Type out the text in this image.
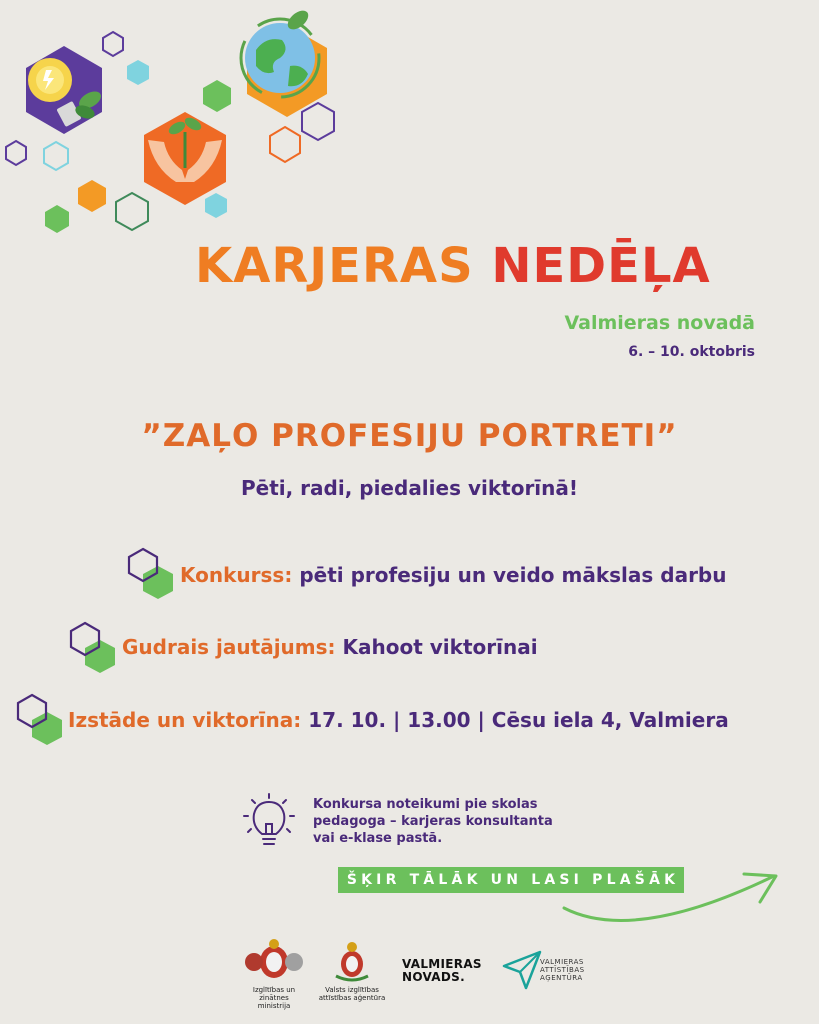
KARJERAS NEDĒĻA
Valmieras novadā
6. – 10. oktobris
”ZAĻO PROFESIJU PORTRETI”
Pēti, radi, piedalies viktorīnā!
Konkurss: pēti profesiju un veido mākslas darbu
Gudrais jautājums: Kahoot viktorīnai
Izstāde un viktorīna: 17. 10. | 13.00 | Cēsu iela 4, Valmiera
Konkursa noteikumi pie skolas
pedagoga – karjeras konsultanta
vai e-klase pastā.
ŠĶIR TĀLĀK UN LASI PLAŠĀK
Izglītības un zinātnes
ministrija
Valsts izglītības
attīstības aģentūra
VALMIERAS
NOVADS.
VALMIERAS
ATTĪSTĪBAS
AĢENTŪRA
